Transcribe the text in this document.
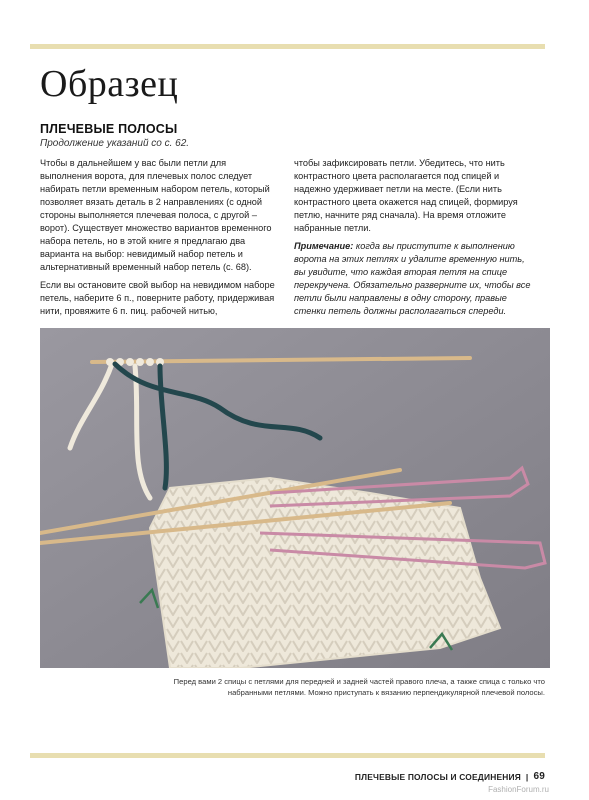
Образец
ПЛЕЧЕВЫЕ ПОЛОСЫ

Продолжение указаний со с. 62.

Чтобы в дальнейшем у вас были петли для выполнения ворота, для плечевых полос следует набирать петли временным набором петель, который позволяет вязать деталь в 2 направлениях (с одной стороны выполняется плечевая полоса, с другой – ворот). Существует множество вариантов временного набора петель, но в этой книге я предлагаю два варианта на выбор: невидимый набор петель и альтернативный временный набор петель (с. 68).

Если вы остановите свой выбор на невидимом наборе петель, наберите 6 п., поверните работу, придерживая нити, провяжите 6 п. пиц. рабочей нитью,

чтобы зафиксировать петли. Убедитесь, что нить контрастного цвета располагается под спицей и надежно удерживает петли на месте. (Если нить контрастного цвета окажется над спицей, формируя петлю, начните ряд сначала). На время отложите набранные петли.

Примечание: когда вы приступите к выполнению ворота на этих петлях и удалите временную нить, вы увидите, что каждая вторая петля на спице перекручена. Обязательно разверните их, чтобы все петли были направлены в одну сторону, правые стенки петель должны располагаться спереди.

Перед вами 2 спицы с петлями для передней и задней частей правого плеча, а также спица с только что набранными петлями. Можно приступать к вязанию перпендикулярной плечевой полосы.
ПЛЕЧЕВЫЕ ПОЛОСЫ И СОЕДИНЕНИЯ | 69
FashionForum.ru
